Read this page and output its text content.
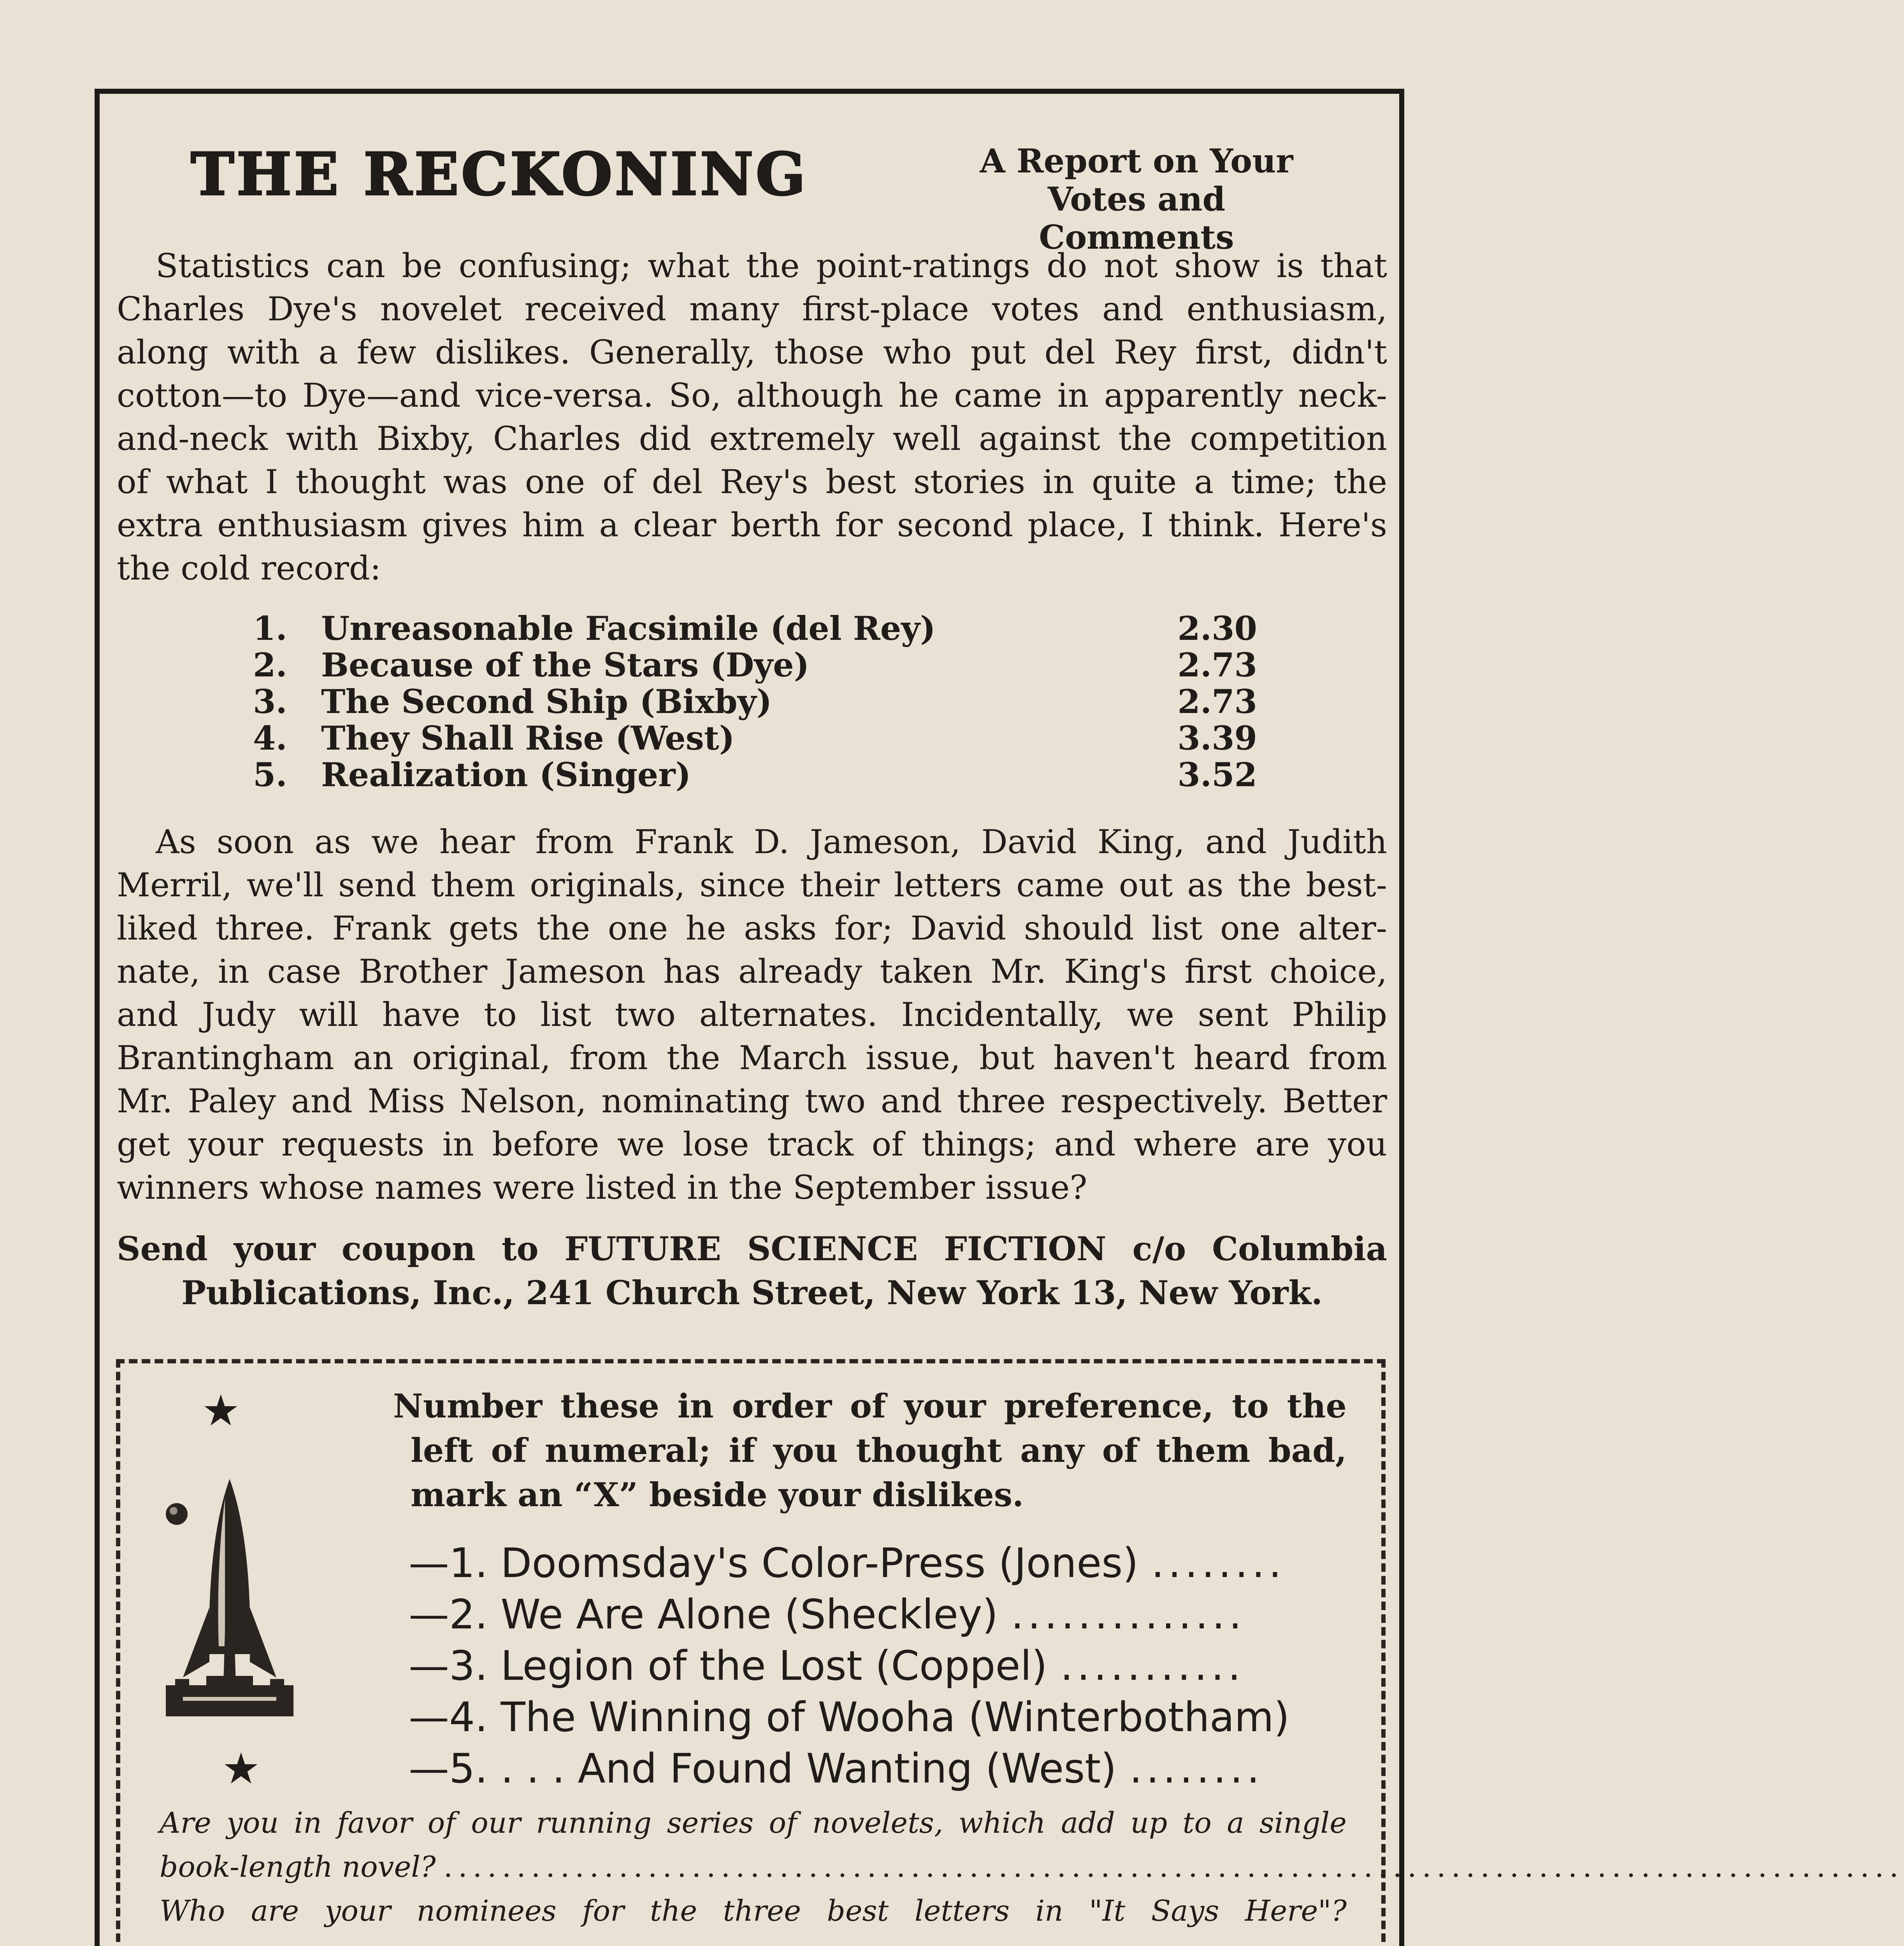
THE RECKONING	A Report on Your
Votes and Comments
Statistics can be confusing; what the point-ratings do not show is that
Charles Dye's novelet received many first-place votes and enthusiasm,
along with a few dislikes. Generally, those who put del Rey first, didn't
cotton—to Dye—and vice-versa. So, although he came in apparently neck-
and-neck with Bixby, Charles did extremely well against the competition
of what I thought was one of del Rey's best stories in quite a time; the
extra enthusiasm gives him a clear berth for second place, I think. Here's
the cold record:
1. Unreasonable Facsimile (del Rey)	2.30
2. Because of the Stars (Dye)	2.73
3. The Second Ship (Bixby)	2.73
4. They Shall Rise (West)	3.39
5. Realization (Singer)	3.52
As soon as we hear from Frank D. Jameson, David King, and Judith
Merril, we'll send them originals, since their letters came out as the best-
liked three. Frank gets the one he asks for; David should list one alter-
nate, in case Brother Jameson has already taken Mr. King's first choice,
and Judy will have to list two alternates. Incidentally, we sent Philip
Brantingham an original, from the March issue, but haven't heard from
Mr. Paley and Miss Nelson, nominating two and three respectively. Better
get your requests in before we lose track of things; and where are you
winners whose names were listed in the September issue?
Send your coupon to FUTURE SCIENCE FICTION c/o Columbia
Publications, Inc., 241 Church Street, New York 13, New York.
★
★
Number these in order of your preference, to the
left of numeral; if you thought any of them bad,
mark an “X” beside your dislikes.
—1. Doomsday's Color-Press (Jones) ........
—2. We Are Alone (Sheckley) ..............
—3. Legion of the Lost (Coppel) ...........
—4. The Winning of Wooha (Winterbotham)
—5. . . . And Found Wanting (West) ........
Are you in favor of our running series of novelets, which add up to a single
book-length novel? ....................................................................................................
Who are your nominees for the three best letters in "It Says Here"?
